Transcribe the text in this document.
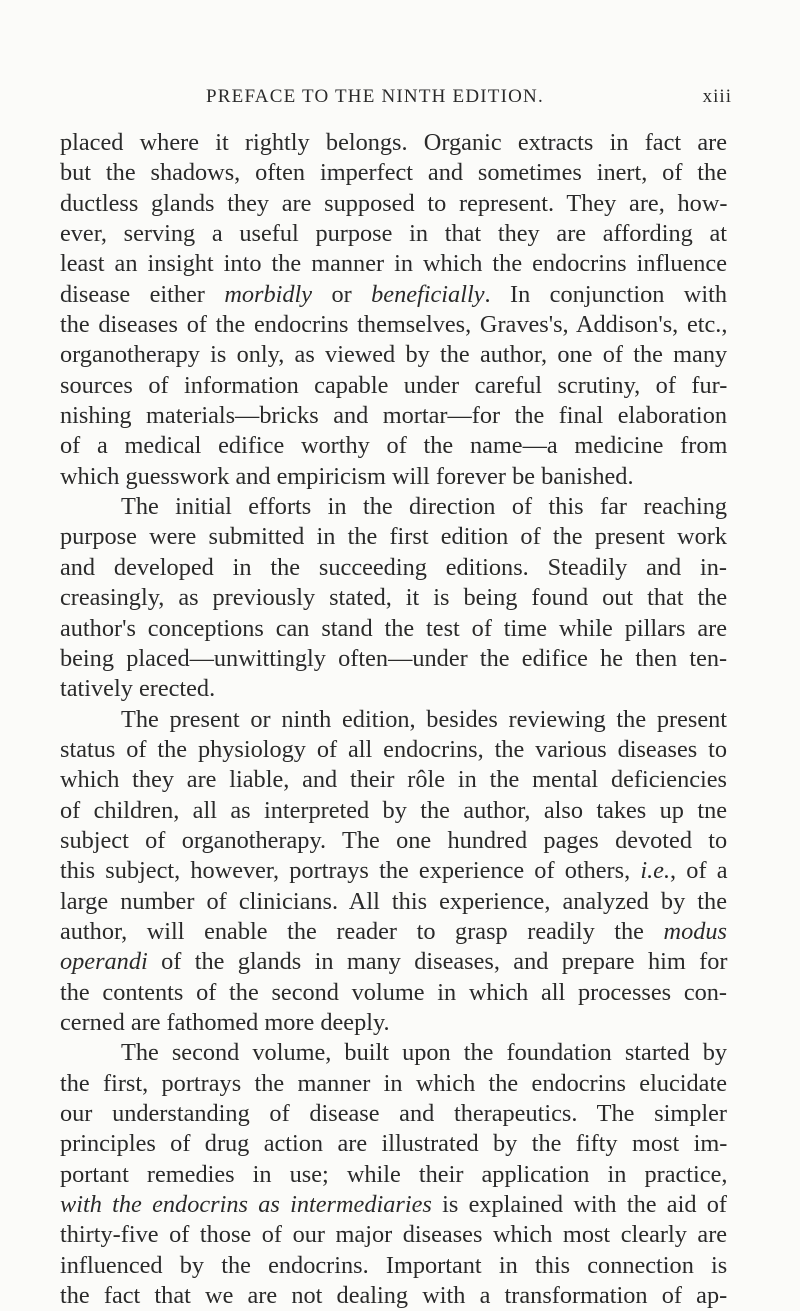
PREFACE TO THE NINTH EDITION.	xiii
placed where it rightly belongs. Organic extracts in fact are
but the shadows, often imperfect and sometimes inert, of the
ductless glands they are supposed to represent. They are, how-
ever, serving a useful purpose in that they are affording at
least an insight into the manner in which the endocrins influence
disease either morbidly or beneficially. In conjunction with
the diseases of the endocrins themselves, Graves's, Addison's, etc.,
organotherapy is only, as viewed by the author, one of the many
sources of information capable under careful scrutiny, of fur-
nishing materials—bricks and mortar—for the final elaboration
of a medical edifice worthy of the name—a medicine from
which guesswork and empiricism will forever be banished.
The initial efforts in the direction of this far reaching
purpose were submitted in the first edition of the present work
and developed in the succeeding editions. Steadily and in-
creasingly, as previously stated, it is being found out that the
author's conceptions can stand the test of time while pillars are
being placed—unwittingly often—under the edifice he then ten-
tatively erected.
The present or ninth edition, besides reviewing the present
status of the physiology of all endocrins, the various diseases to
which they are liable, and their rôle in the mental deficiencies
of children, all as interpreted by the author, also takes up tne
subject of organotherapy. The one hundred pages devoted to
this subject, however, portrays the experience of others, i.e., of a
large number of clinicians. All this experience, analyzed by the
author, will enable the reader to grasp readily the modus
operandi of the glands in many diseases, and prepare him for
the contents of the second volume in which all processes con-
cerned are fathomed more deeply.
The second volume, built upon the foundation started by
the first, portrays the manner in which the endocrins elucidate
our understanding of disease and therapeutics. The simpler
principles of drug action are illustrated by the fifty most im-
portant remedies in use; while their application in practice,
with the endocrins as intermediaries is explained with the aid of
thirty-five of those of our major diseases which most clearly are
influenced by the endocrins. Important in this connection is
the fact that we are not dealing with a transformation of ap-
